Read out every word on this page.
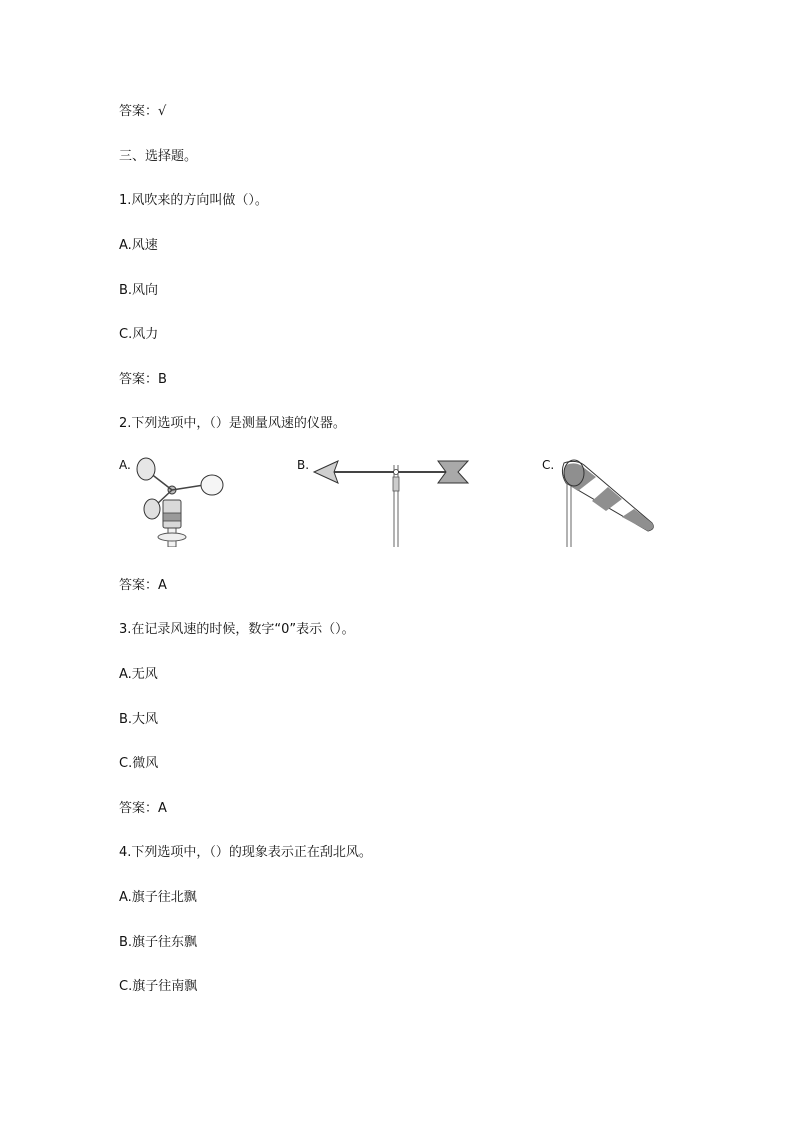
答案：√
三、选择题。
1.风吹来的方向叫做（）。
A.风速
B.风向
C.风力
答案：B
2.下列选项中，（）是测量风速的仪器。
A.	B.	C.
答案：A
3.在记录风速的时候，数字“0”表示（）。
A.无风
B.大风
C.微风
答案：A
4.下列选项中，（）的现象表示正在刮北风。
A.旗子往北飘
B.旗子往东飘
C.旗子往南飘
